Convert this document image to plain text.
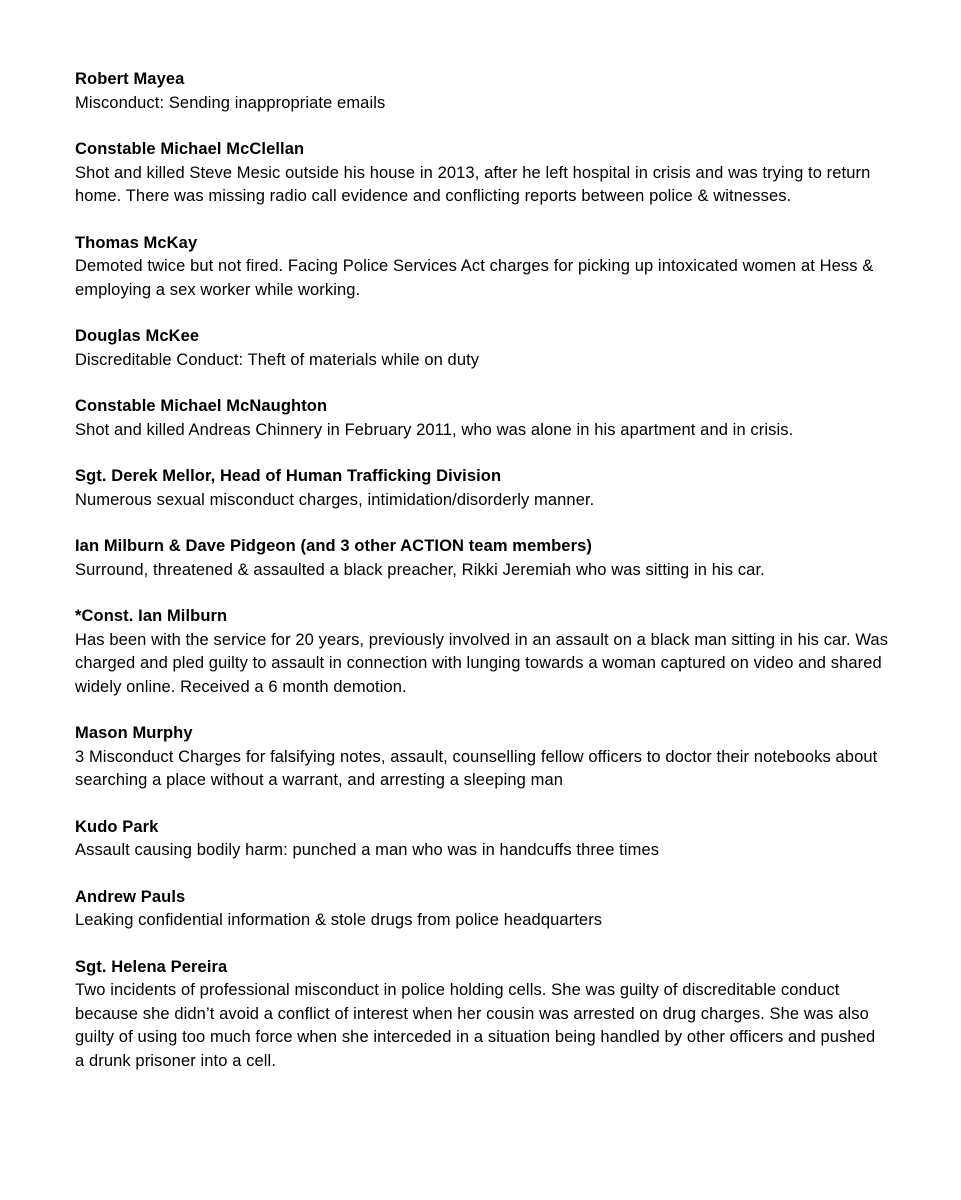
Robert Mayea

Misconduct: Sending inappropriate emails

Constable Michael McClellan

Shot and killed Steve Mesic outside his house in 2013, after he left hospital in crisis and was trying to return home. There was missing radio call evidence and conflicting reports between police & witnesses.

Thomas McKay

Demoted twice but not fired. Facing Police Services Act charges for picking up intoxicated women at Hess & employing a sex worker while working.

Douglas McKee

Discreditable Conduct: Theft of materials while on duty

Constable Michael McNaughton

Shot and killed Andreas Chinnery in February 2011, who was alone in his apartment and in crisis.

Sgt. Derek Mellor, Head of Human Trafficking Division

Numerous sexual misconduct charges, intimidation/disorderly manner.

Ian Milburn & Dave Pidgeon (and 3 other ACTION team members)

Surround, threatened & assaulted a black preacher, Rikki Jeremiah who was sitting in his car.

*Const. Ian Milburn

Has been with the service for 20 years, previously involved in an assault on a black man sitting in his car. Was charged and pled guilty to assault in connection with lunging towards a woman captured on video and shared widely online. Received a 6 month demotion.

Mason Murphy

3 Misconduct Charges for falsifying notes, assault, counselling fellow officers to doctor their notebooks about searching a place without a warrant, and arresting a sleeping man

Kudo Park

Assault causing bodily harm: punched a man who was in handcuffs three times

Andrew Pauls

Leaking confidential information & stole drugs from police headquarters

Sgt. Helena Pereira

Two incidents of professional misconduct in police holding cells. She was guilty of discreditable conduct because she didn’t avoid a conflict of interest when her cousin was arrested on drug charges. She was also guilty of using too much force when she interceded in a situation being handled by other officers and pushed a drunk prisoner into a cell.
